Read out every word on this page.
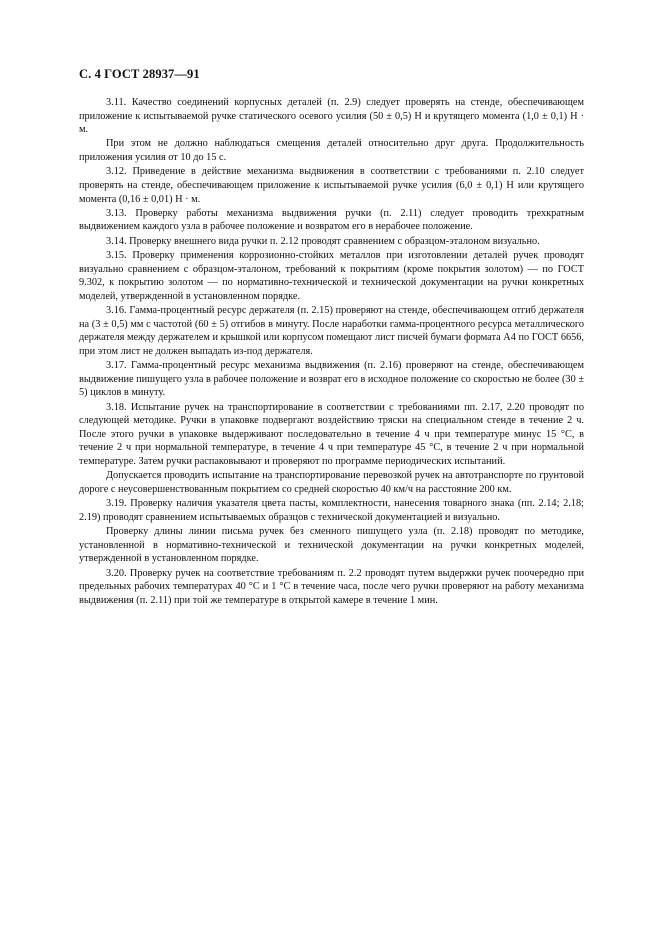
С. 4 ГОСТ 28937—91

3.11. Качество соединений корпусных деталей (п. 2.9) следует проверять на стенде, обеспечивающем приложение к испытываемой ручке статического осевого усилия (50 ± 0,5) Н и крутящего момента (1,0 ± 0,1) Н · м.

При этом не должно наблюдаться смещения деталей относительно друг друга. Продолжительность приложения усилия от 10 до 15 с.

3.12. Приведение в действие механизма выдвижения в соответствии с требованиями п. 2.10 следует проверять на стенде, обеспечивающем приложение к испытываемой ручке усилия (6,0 ± 0,1) Н или крутящего момента (0,16 ± 0,01) Н · м.

3.13. Проверку работы механизма выдвижения ручки (п. 2.11) следует проводить трехкратным выдвижением каждого узла в рабочее положение и возвратом его в нерабочее положение.

3.14. Проверку внешнего вида ручки п. 2.12 проводят сравнением с образцом-эталоном визуально.

3.15. Проверку применения коррозионно-стойких металлов при изготовлении деталей ручек проводят визуально сравнением с образцом-эталоном, требований к покрытиям (кроме покрытия золотом) — по ГОСТ 9.302, к покрытию золотом — по нормативно-технической и технической документации на ручки конкретных моделей, утвержденной в установленном порядке.

3.16. Гамма-процентный ресурс держателя (п. 2.15) проверяют на стенде, обеспечивающем отгиб держателя на (3 ± 0,5) мм с частотой (60 ± 5) отгибов в минуту. После наработки гамма-процентного ресурса металлического держателя между держателем и крышкой или корпусом помещают лист писчей бумаги формата А4 по ГОСТ 6656, при этом лист не должен выпадать из-под держателя.

3.17. Гамма-процентный ресурс механизма выдвижения (п. 2.16) проверяют на стенде, обеспечивающем выдвижение пишущего узла в рабочее положение и возврат его в исходное положение со скоростью не более (30 ± 5) циклов в минуту.

3.18. Испытание ручек на транспортирование в соответствии с требованиями пп. 2.17, 2.20 проводят по следующей методике. Ручки в упаковке подвергают воздействию тряски на специальном стенде в течение 2 ч. После этого ручки в упаковке выдерживают последовательно в течение 4 ч при температуре минус 15 °С, в течение 2 ч при нормальной температуре, в течение 4 ч при температуре 45 °С, в течение 2 ч при нормальной температуре. Затем ручки распаковывают и проверяют по программе периодических испытаний.

Допускается проводить испытание на транспортирование перевозкой ручек на автотранспорте по грунтовой дороге с неусовершенствованным покрытием со средней скоростью 40 км/ч на расстояние 200 км.

3.19. Проверку наличия указателя цвета пасты, комплектности, нанесения товарного знака (пп. 2.14; 2.18; 2.19) проводят сравнением испытываемых образцов с технической документацией и визуально.

Проверку длины линии письма ручек без сменного пишущего узла (п. 2.18) проводят по методике, установленной в нормативно-технической и технической документации на ручки конкретных моделей, утвержденной в установленном порядке.

3.20. Проверку ручек на соответствие требованиям п. 2.2 проводят путем выдержки ручек поочередно при предельных рабочих температурах 40 °С и 1 °С в течение часа, после чего ручки проверяют на работу механизма выдвижения (п. 2.11) при той же температуре в открытой камере в течение 1 мин.
